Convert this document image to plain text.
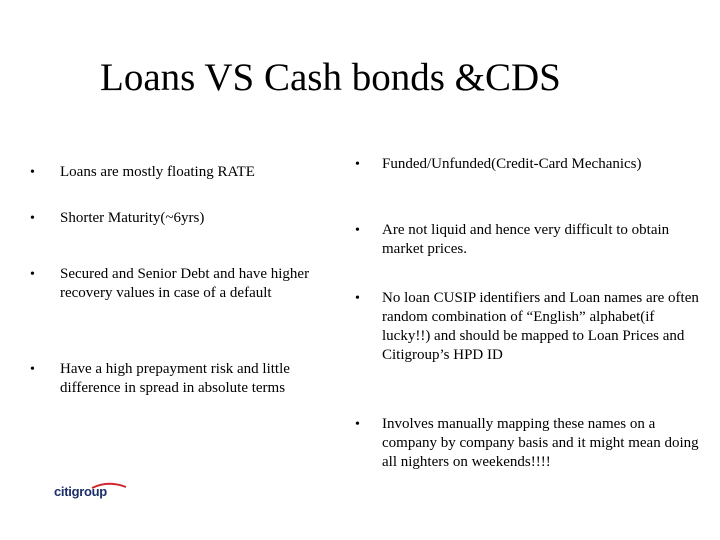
Loans VS Cash bonds &CDS
•	Loans are mostly floating RATE
•	Shorter Maturity(~6yrs)
•	Secured and Senior Debt and have higher recovery values in case of a default
•	Have a high prepayment risk and little difference in spread in absolute terms
•	Funded/Unfunded(Credit-Card Mechanics)
•	Are not liquid and hence very difficult to obtain market prices.
•	No loan CUSIP identifiers and Loan names are often random combination of “English” alphabet(if lucky!!) and should be mapped to Loan Prices and Citigroup’s HPD ID
•	Involves manually mapping these names on a company by company basis and it might mean doing all nighters on weekends!!!!
citigroup
